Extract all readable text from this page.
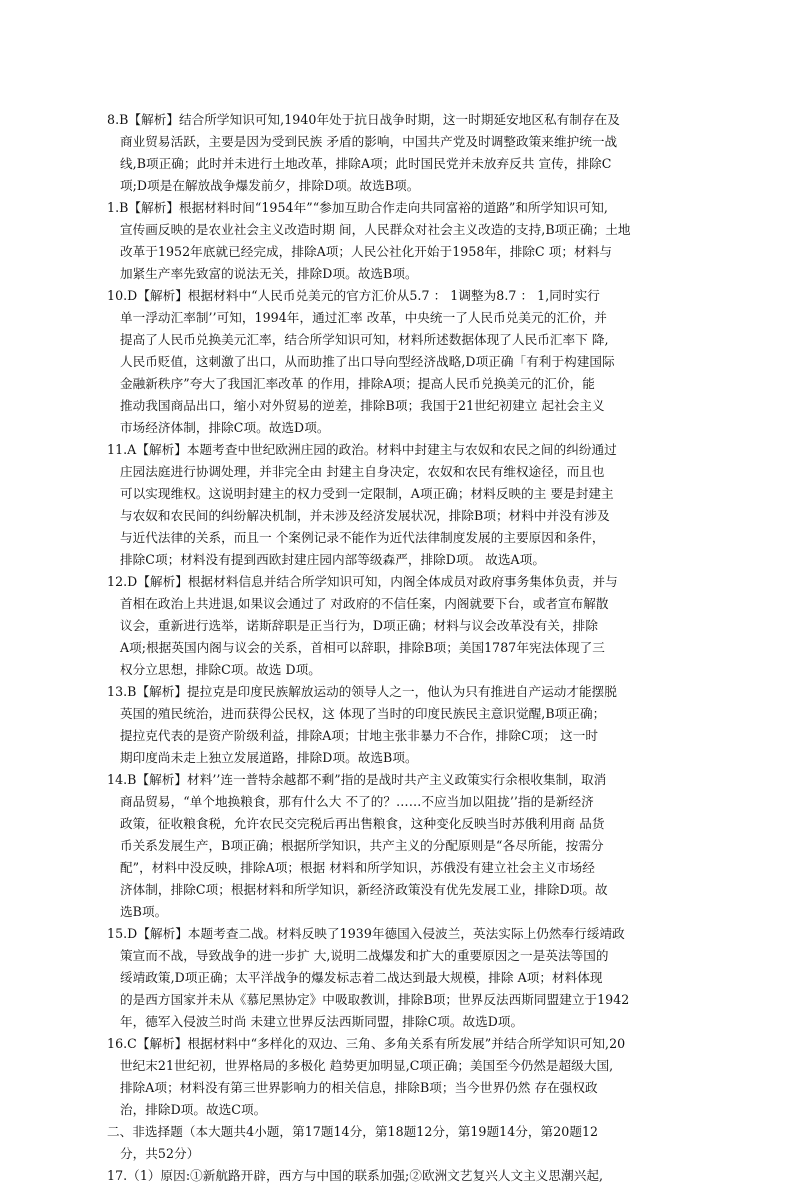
8.B【解析】结合所学知识可知,1940年处于抗日战争时期，这一时期延安地区私有制存在及
商业贸易活跃，主要是因为受到民族 矛盾的影响，中国共产党及时调整政策来维护统一战
线,B项正确；此时并未进行土地改革，排除A项；此时国民党并未放弃反共 宣传，排除C
项;D项是在解放战争爆发前夕，排除D项。故选B项。
1.B【解析】根据材料时间“1954年”“参加互助合作走向共同富裕的道路”和所学知识可知,
宣传画反映的是农业社会主义改造时期 间，人民群众对社会主义改造的支持,B项正确；土地
改革于1952年底就已经完成，排除A项；人民公社化开始于1958年，排除C 项；材料与
加紧生产率先致富的说法无关，排除D项。故选B项。
10.D【解析】根据材料中“人民币兑美元的官方汇价从5.7 ： 1调整为8.7 ： 1,同时实行
单一浮动汇率制’’可知，1994年，通过汇率 改革，中央统一了人民币兑美元的汇价，并
提高了人民币兑换美元汇率，结合所学知识可知，材料所述数据体现了人民币汇率下 降,
人民币贬值，这刺激了出口，从而助推了出口导向型经济战略,D项正确「有利于构建国际
金融新秩序”夸大了我国汇率改革 的作用，排除A项；提高人民币兑换美元的汇价，能
推动我国商品出口，缩小对外贸易的逆差，排除B项；我国于21世纪初建立 起社会主义
市场经济体制，排除C项。故选D项。
11.A【解析】本题考查中世纪欧洲庄园的政治。材料中封建主与农奴和农民之间的纠纷通过
庄园法庭进行协调处理，并非完全由 封建主自身决定，农奴和农民有维权途径，而且也
可以实现维权。这说明封建主的权力受到一定限制，A项正确；材料反映的主 要是封建主
与农奴和农民间的纠纷解决机制，并未涉及经济发展状况，排除B项；材料中并没有涉及
与近代法律的关系，而且一 个案例记录不能作为近代法律制度发展的主要原因和条件，
排除C项；材料没有提到西欧封建庄园内部等级森严，排除D项。 故选A项。
12.D【解析】根据材料信息并结合所学知识可知，内阁全体成员对政府事务集体负责，并与
首相在政治上共进退,如果议会通过了 对政府的不信任案，内阁就要下台，或者宣布解散
议会，重新进行选举，诺斯辞职是正当行为，D项正确；材料与议会改革没有关，排除
A项;根据英国内阁与议会的关系，首相可以辞职，排除B项；美国1787年宪法体现了三
权分立思想，排除C项。故选 D项。
13.B【解析】提拉克是印度民族解放运动的领导人之一，他认为只有推进自产运动才能摆脱
英国的殖民统治，进而获得公民权，这 体现了当时的印度民族民主意识觉醒,B项正确；
提拉克代表的是资产阶级利益，排除A项；甘地主张非暴力不合作，排除C项； 这一时
期印度尚未走上独立发展道路，排除D项。故选B项。
14.B【解析】材料’’连一普特余越都不剩”指的是战时共产主义政策实行余根收集制，取消
商品贸易，“单个地换粮食，那有什么大 不了的？……不应当加以阻拢’’指的是新经济
政策，征收粮食税，允许农民交完税后再出售粮食，这种变化反映当时苏俄利用商 品货
币关系发展生产，B项正确；根据所学知识，共产主义的分配原则是“各尽所能，按需分
配”，材料中没反映，排除A项；根据 材料和所学知识，苏俄没有建立社会主义市场经
济体制，排除C项；根据材料和所学知识，新经济政策没有优先发展工业，排除D项。故
选B项。
15.D【解析】本题考查二战。材料反映了1939年德国入侵波兰，英法实际上仍然奉行绥靖政
策宣而不战，导致战争的进一步扩 大,说明二战爆发和扩大的重要原因之一是英法等国的
绥靖政策,D项正确；太平洋战争的爆发标志着二战达到最大规模，排除 A项；材料体现
的是西方国家并未从《慕尼黑协定》中吸取教训，排除B项；世界反法西斯同盟建立于1942
年，德军入侵波兰时尚 未建立世界反法西斯同盟，排除C项。故选D项。
16.C【解析】根据材料中“多样化的双边、三角、多角关系有所发展”并结合所学知识可知,20
世纪末21世纪初，世界格局的多极化 趋势更加明显,C项正确；美国至今仍然是超级大国,
排除A项；材料没有第三世界影响力的相关信息，排除B项；当今世界仍然 存在强权政
治，排除D项。故选C项。
二、非选择题（本大题共4小题，第17题14分，第18题12分，第19题14分，第20题12
分，共52分）
17.（1）原因:①新航路开辟，西方与中国的联系加强;②欧洲文艺复兴人文主义思潮兴起,
